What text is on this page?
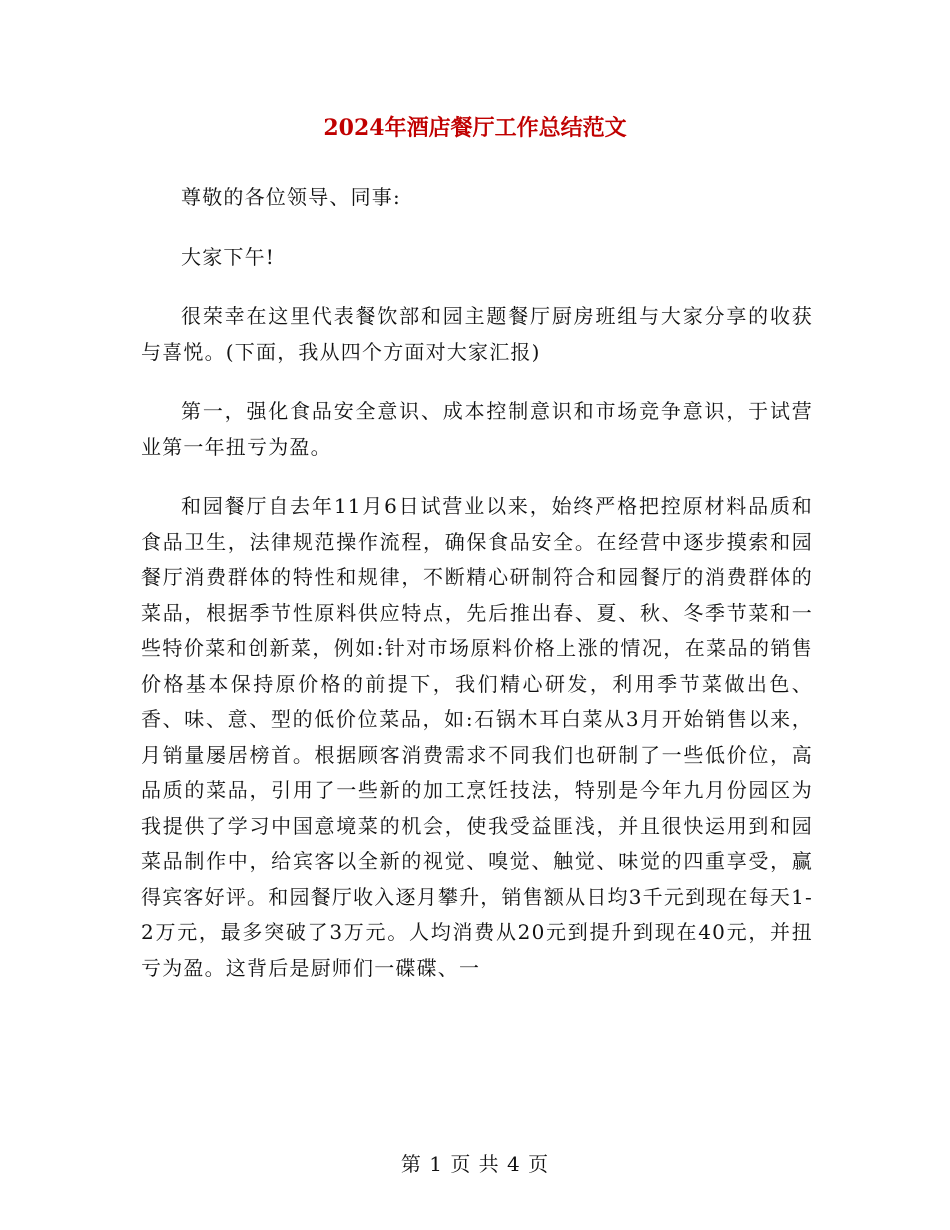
2024年酒店餐厅工作总结范文

尊敬的各位领导、同事:

大家下午!

很荣幸在这里代表餐饮部和园主题餐厅厨房班组与大家分享的收获与喜悦。(下面，我从四个方面对大家汇报)

第一，强化食品安全意识、成本控制意识和市场竞争意识，于试营业第一年扭亏为盈。

和园餐厅自去年11月6日试营业以来，始终严格把控原材料品质和食品卫生，法律规范操作流程，确保食品安全。在经营中逐步摸索和园餐厅消费群体的特性和规律，不断精心研制符合和园餐厅的消费群体的菜品，根据季节性原料供应特点，先后推出春、夏、秋、冬季节菜和一些特价菜和创新菜，例如:针对市场原料价格上涨的情况，在菜品的销售价格基本保持原价格的前提下，我们精心研发，利用季节菜做出色、香、味、意、型的低价位菜品，如:石锅木耳白菜从3月开始销售以来，月销量屡居榜首。根据顾客消费需求不同我们也研制了一些低价位，高品质的菜品，引用了一些新的加工烹饪技法，特别是今年九月份园区为我提供了学习中国意境菜的机会，使我受益匪浅，并且很快运用到和园菜品制作中，给宾客以全新的视觉、嗅觉、触觉、味觉的四重享受，赢得宾客好评。和园餐厅收入逐月攀升，销售额从日均3千元到现在每天1-2万元，最多突破了3万元。人均消费从20元到提升到现在40元，并扭亏为盈。这背后是厨师们一碟碟、一

第 1 页 共 4 页
